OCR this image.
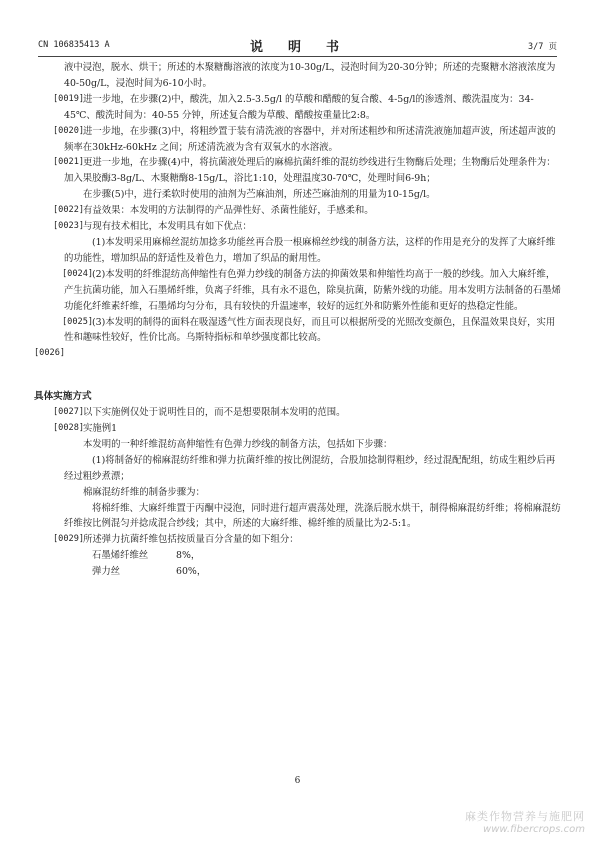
CN 106835413 A	说　明　书	3/7 页

液中浸泡，脱水、烘干；所述的木聚糖酶溶液的浓度为10-30g/L，浸泡时间为20-30分钟；所述的壳聚糖水溶液浓度为40-50g/L，浸泡时间为6-10小时。

[0019]
进一步地，在步骤(2)中，酸洗，加入2.5-3.5g/l 的草酸和醋酸的复合酸、4-5g/l的渗透剂、酸洗温度为：34-45℃、酸洗时间为：40-55 分钟，所述复合酸为草酸、醋酸按重量比2:8。

[0020]
进一步地，在步骤(3)中，将粗纱置于装有清洗液的容器中，并对所述粗纱和所述清洗液施加超声波，所述超声波的频率在30kHz-60kHz 之间；所述清洗液为含有双氧水的水溶液。

[0021]
更进一步地，在步骤(4)中，将抗菌液处理后的麻棉抗菌纤维的混纺纱线进行生物酶后处理；生物酶后处理条件为：加入果胶酶3-8g/L、木聚糖酶8-15g/L，浴比1:10，处理温度30-70℃，处理时间6-9h；

在步骤(5)中，进行柔软时使用的油剂为苎麻油剂，所述苎麻油剂的用量为10-15g/l。

[0022]
有益效果：本发明的方法制得的产品弹性好、杀菌性能好，手感柔和。

[0023]
与现有技术相比，本发明具有如下优点：

(1)本发明采用麻棉丝混纺加捻多功能丝再合股一根麻棉丝纱线的制备方法，这样的作用是充分的发挥了大麻纤维的功能性，增加织品的舒适性及着色力，增加了织品的耐用性。

[0024]
(2)本发明的纤维混纺高伸缩性有色弹力纱线的制备方法的抑菌效果和伸缩性均高于一般的纱线。加入大麻纤维，产生抗菌功能，加入石墨烯纤维，负离子纤维，具有永不退色，除臭抗菌，防紫外线的功能。用本发明方法制备的石墨烯功能化纤维素纤维，石墨烯均匀分布，具有较快的升温速率，较好的远红外和防紫外性能和更好的热稳定性能。

[0025]
(3)本发明的制得的面料在吸湿透气性方面表现良好，而且可以根据所受的光照改变颜色，且保温效果良好，实用性和趣味性较好，性价比高。乌斯特指标和单纱强度都比较高。

[0026]

具体实施方式

[0027]
以下实施例仅处于说明性目的，而不是想要限制本发明的范围。

[0028]
实施例1

本发明的一种纤维混纺高伸缩性有色弹力纱线的制备方法，包括如下步骤：

(1)将制备好的棉麻混纺纤维和弹力抗菌纤维的按比例混纺，合股加捻制得粗纱，经过混配配组，纺成生粗纱后再经过粗纱煮漂；

棉麻混纺纤维的制备步骤为：

将棉纤维、大麻纤维置于丙酮中浸泡，同时进行超声震荡处理，洗涤后脱水烘干，制得棉麻混纺纤维；将棉麻混纺纤维按比例混匀并捻成混合纱线；其中，所述的大麻纤维、棉纤维的质量比为2-5:1。

[0029]
所述弹力抗菌纤维包括按质量百分含量的如下组分：

石墨烯纤维丝	8%，
弹力丝	60%，
6
麻类作物营养与施肥网
www.fibercrops.com
